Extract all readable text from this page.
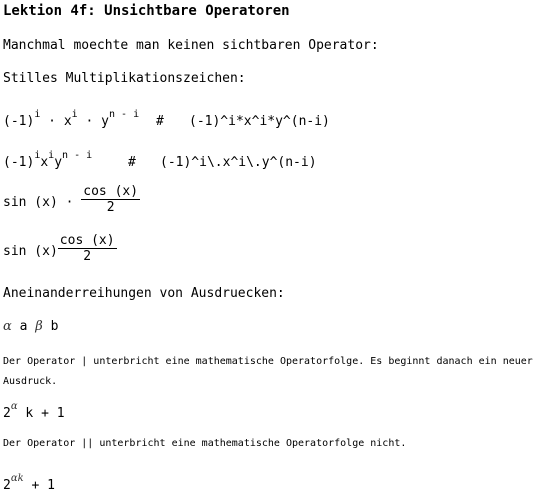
Lektion 4f: Unsichtbare Operatoren
Manchmal moechte man keinen sichtbaren Operator:
Stilles Multiplikationszeichen:
$(-1)^i \cdot x^i \cdot y^{n - i}$ # (-1)^i*x^i*y^(n-i)
$(-1)^ix^iy^{n - i}$	# (-1)^i\.x^i\.y^(n-i)
$\sin (x) \cdot \frac{\cos (x)}{2}$
$\sin (x) \frac{\cos (x)}{2}$
Aneinanderreihungen von Ausdruecken:
α a β b
Der Operator | unterbricht eine mathematische Operatorfolge. Es beginnt danach ein neuer
Ausdruck.
$2^\alpha$ k + 1
Der Operator || unterbricht eine mathematische Operatorfolge nicht.
$2^{\alpha k} + 1$
